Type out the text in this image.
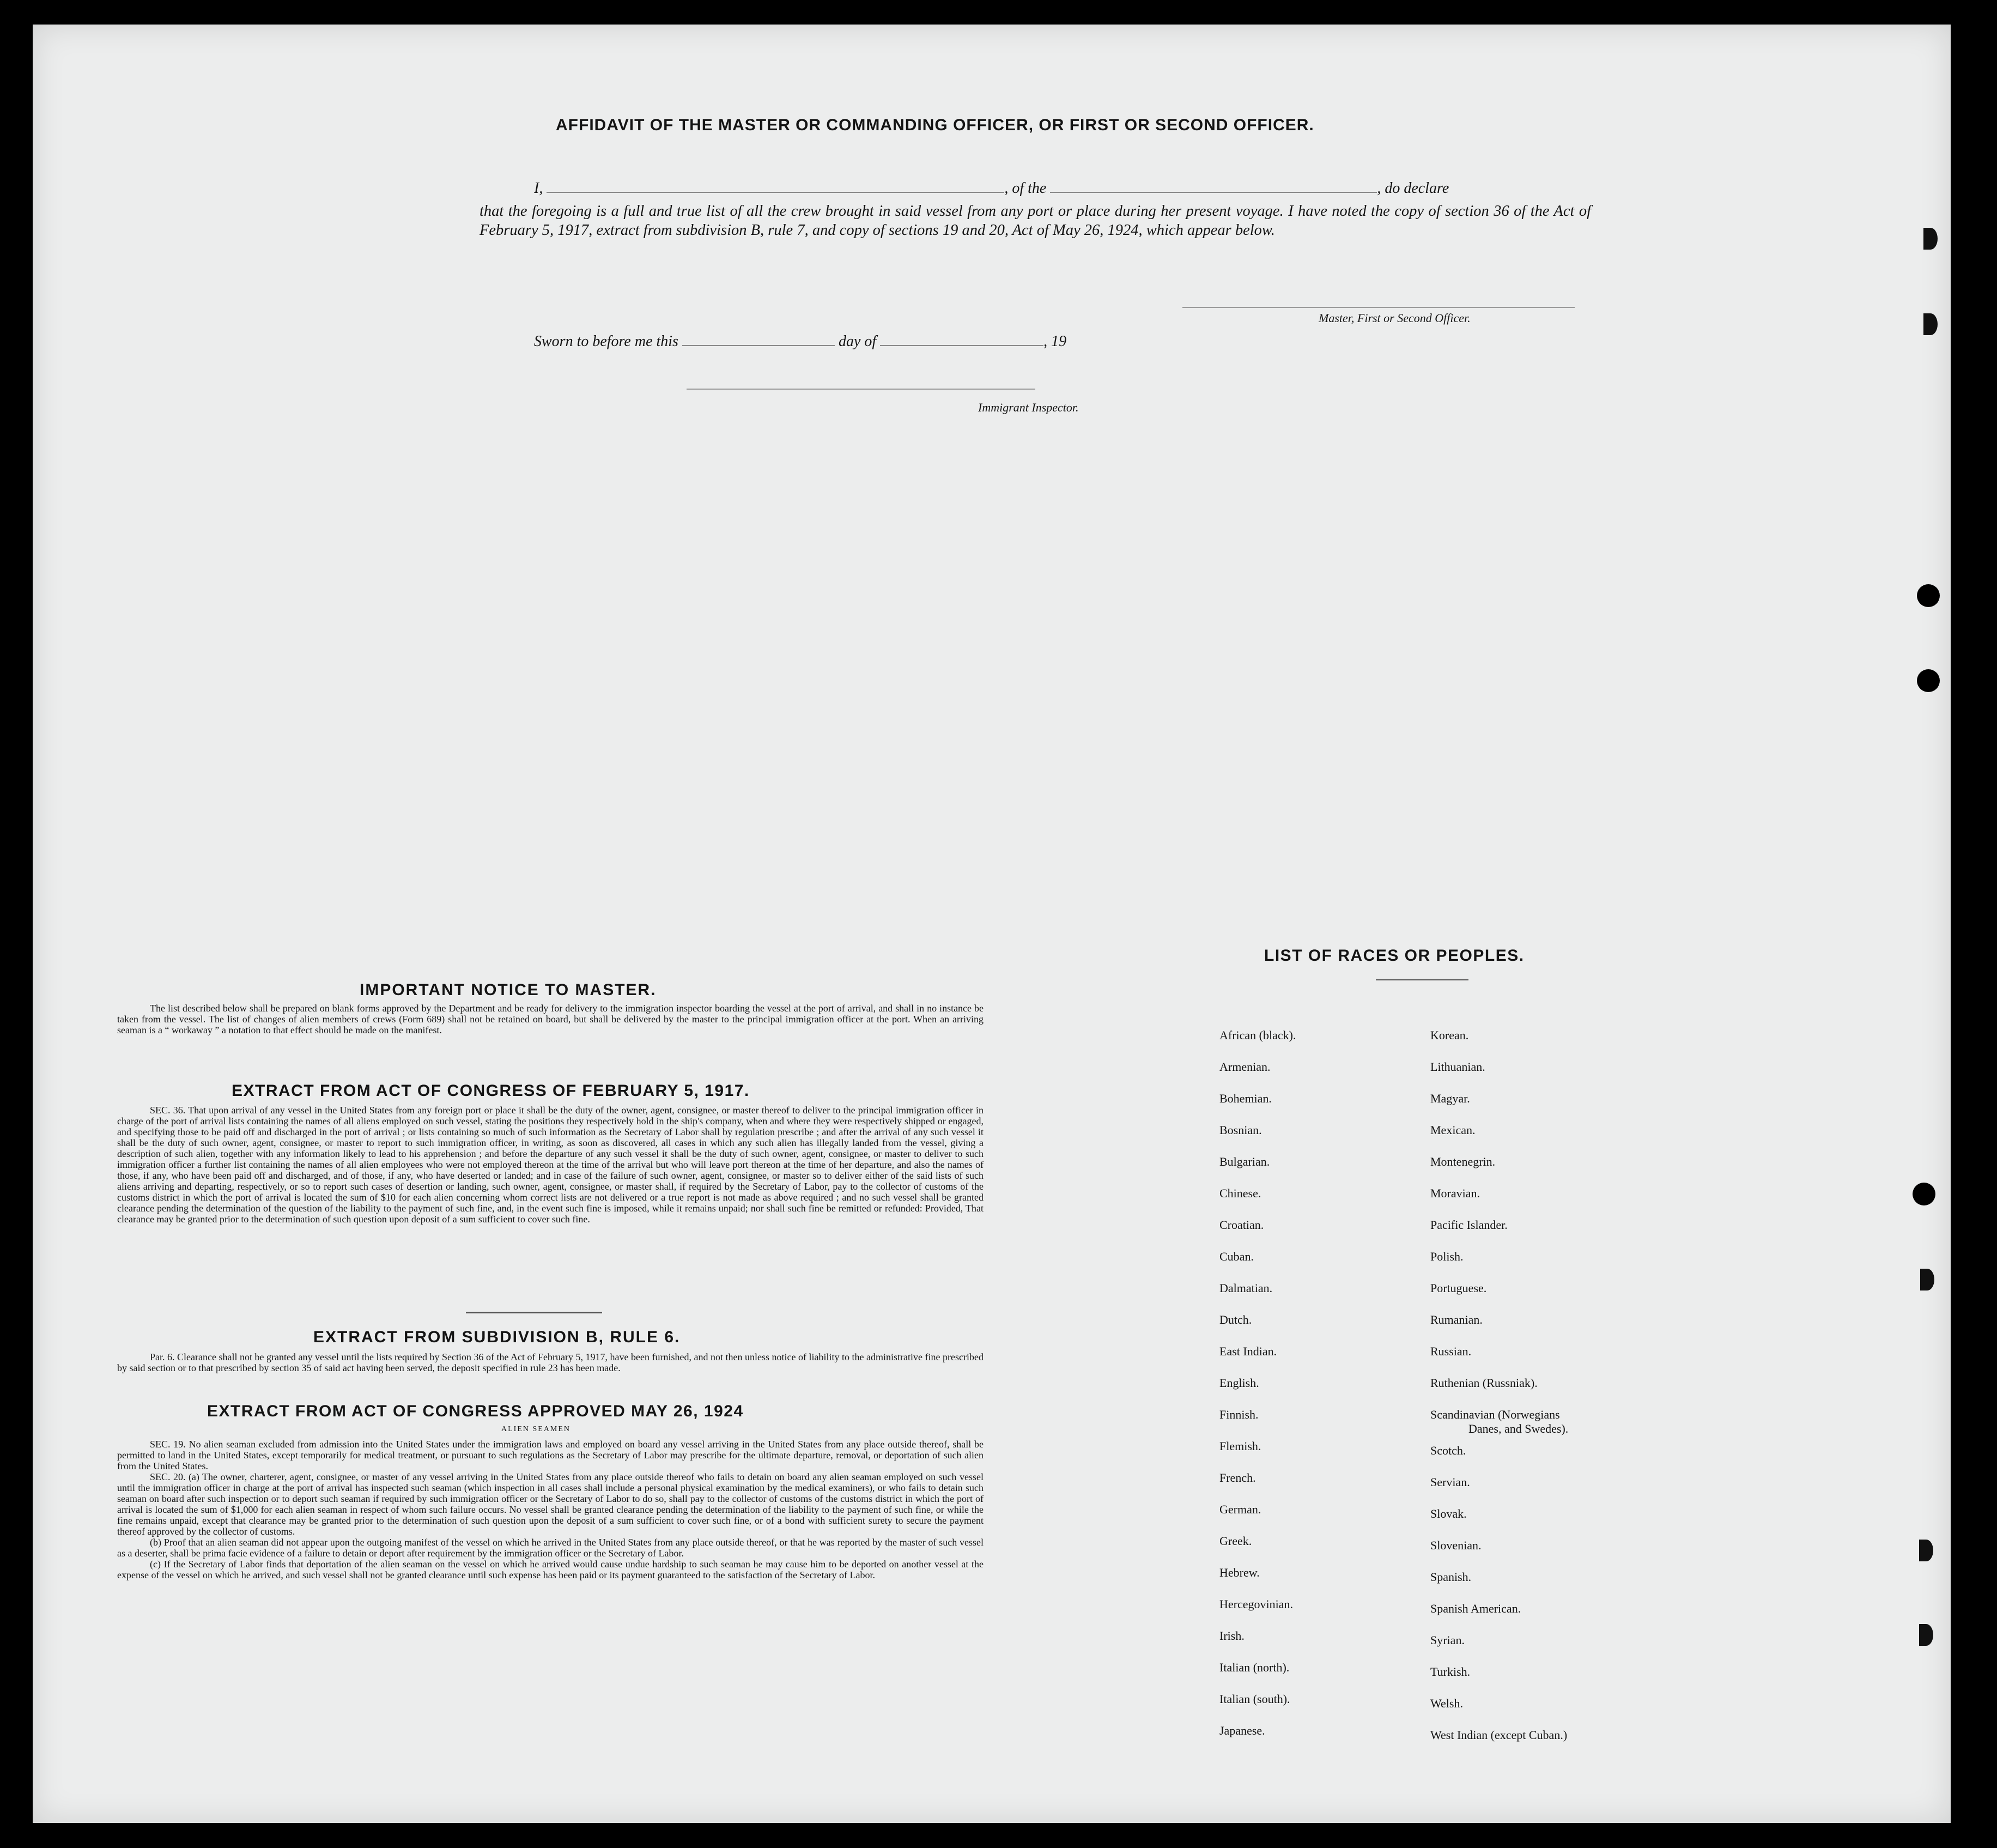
AFFIDAVIT OF THE MASTER OR COMMANDING OFFICER, OR FIRST OR SECOND OFFICER.
I,	, of the	, do declare
that the foregoing is a full and true list of all the crew brought in said vessel from any port or place during her present voyage. I have noted the copy of section 36 of the Act of February 5, 1917, extract from subdivision B, rule 7, and copy of sections 19 and 20, Act of May 26, 1924, which appear below.
Master, First or Second Officer.
Sworn to before me this	day of	, 19
Immigrant Inspector.
IMPORTANT NOTICE TO MASTER.
The list described below shall be prepared on blank forms approved by the Department and be ready for delivery to the immigration inspector boarding the vessel at the port of arrival, and shall in no instance be taken from the vessel. The list of changes of alien members of crews (Form 689) shall not be retained on board, but shall be delivered by the master to the principal immigration officer at the port. When an arriving seaman is a “ workaway ” a notation to that effect should be made on the manifest.
EXTRACT FROM ACT OF CONGRESS OF FEBRUARY 5, 1917.
SEC. 36. That upon arrival of any vessel in the United States from any foreign port or place it shall be the duty of the owner, agent, consignee, or master thereof to deliver to the principal immigration officer in charge of the port of arrival lists containing the names of all aliens employed on such vessel, stating the positions they respectively hold in the ship's company, when and where they were respectively shipped or engaged, and specifying those to be paid off and discharged in the port of arrival ; or lists containing so much of such information as the Secretary of Labor shall by regulation prescribe ; and after the arrival of any such vessel it shall be the duty of such owner, agent, consignee, or master to report to such immigration officer, in writing, as soon as discovered, all cases in which any such alien has illegally landed from the vessel, giving a description of such alien, together with any information likely to lead to his apprehension ; and before the departure of any such vessel it shall be the duty of such owner, agent, consignee, or master to deliver to such immigration officer a further list containing the names of all alien employees who were not employed thereon at the time of the arrival but who will leave port thereon at the time of her departure, and also the names of those, if any, who have been paid off and discharged, and of those, if any, who have deserted or landed; and in case of the failure of such owner, agent, consignee, or master so to deliver either of the said lists of such aliens arriving and departing, respectively, or so to report such cases of desertion or landing, such owner, agent, consignee, or master shall, if required by the Secretary of Labor, pay to the collector of customs of the customs district in which the port of arrival is located the sum of $10 for each alien concerning whom correct lists are not delivered or a true report is not made as above required ; and no such vessel shall be granted clearance pending the determination of the question of the liability to the payment of such fine, and, in the event such fine is imposed, while it remains unpaid; nor shall such fine be remitted or refunded: Provided, That clearance may be granted prior to the determination of such question upon deposit of a sum sufficient to cover such fine.
EXTRACT FROM SUBDIVISION B, RULE 6.
Par. 6. Clearance shall not be granted any vessel until the lists required by Section 36 of the Act of February 5, 1917, have been furnished, and not then unless notice of liability to the administrative fine prescribed by said section or to that prescribed by section 35 of said act having been served, the deposit specified in rule 23 has been made.
EXTRACT FROM ACT OF CONGRESS APPROVED MAY 26, 1924
ALIEN SEAMEN
SEC. 19. No alien seaman excluded from admission into the United States under the immigration laws and employed on board any vessel arriving in the United States from any place outside thereof, shall be permitted to land in the United States, except temporarily for medical treatment, or pursuant to such regulations as the Secretary of Labor may prescribe for the ultimate departure, removal, or deportation of such alien from the United States.
SEC. 20. (a) The owner, charterer, agent, consignee, or master of any vessel arriving in the United States from any place outside thereof who fails to detain on board any alien seaman employed on such vessel until the immigration officer in charge at the port of arrival has inspected such seaman (which inspection in all cases shall include a personal physical examination by the medical examiners), or who fails to detain such seaman on board after such inspection or to deport such seaman if required by such immigration officer or the Secretary of Labor to do so, shall pay to the collector of customs of the customs district in which the port of arrival is located the sum of $1,000 for each alien seaman in respect of whom such failure occurs. No vessel shall be granted clearance pending the determination of the liability to the payment of such fine, or while the fine remains unpaid, except that clearance may be granted prior to the determination of such question upon the deposit of a sum sufficient to cover such fine, or of a bond with sufficient surety to secure the payment thereof approved by the collector of customs.
(b) Proof that an alien seaman did not appear upon the outgoing manifest of the vessel on which he arrived in the United States from any place outside thereof, or that he was reported by the master of such vessel as a deserter, shall be prima facie evidence of a failure to detain or deport after requirement by the immigration officer or the Secretary of Labor.
(c) If the Secretary of Labor finds that deportation of the alien seaman on the vessel on which he arrived would cause undue hardship to such seaman he may cause him to be deported on another vessel at the expense of the vessel on which he arrived, and such vessel shall not be granted clearance until such expense has been paid or its payment guaranteed to the satisfaction of the Secretary of Labor.
LIST OF RACES OR PEOPLES.
African (black).
Armenian.
Bohemian.
Bosnian.
Bulgarian.
Chinese.
Croatian.
Cuban.
Dalmatian.
Dutch.
East Indian.
English.
Finnish.
Flemish.
French.
German.
Greek.
Hebrew.
Hercegovinian.
Irish.
Italian (north).
Italian (south).
Japanese.
Korean.
Lithuanian.
Magyar.
Mexican.
Montenegrin.
Moravian.
Pacific Islander.
Polish.
Portuguese.
Rumanian.
Russian.
Ruthenian (Russniak).
Scandinavian (Norwegians
Danes, and Swedes).
Scotch.
Servian.
Slovak.
Slovenian.
Spanish.
Spanish American.
Syrian.
Turkish.
Welsh.
West Indian (except Cuban.)
